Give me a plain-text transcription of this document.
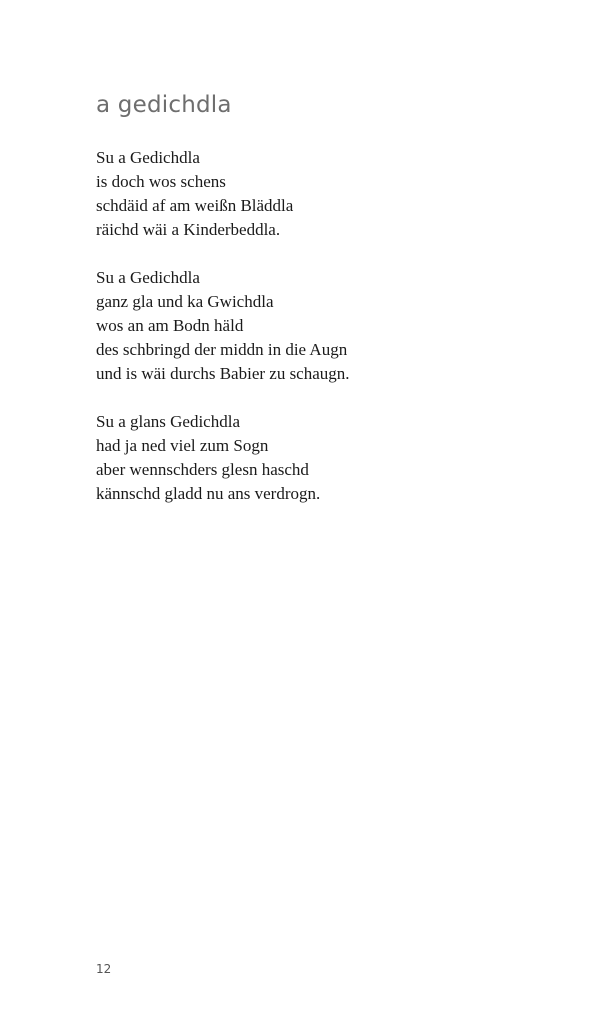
a gedichdla

Su a Gedichdla
is doch wos schens
schdäid af am weißn Bläddla
räichd wäi a Kinderbeddla.

Su a Gedichdla
ganz gla und ka Gwichdla
wos an am Bodn häld
des schbringd der middn in die Augn
und is wäi durchs Babier zu schaugn.

Su a glans Gedichdla
had ja ned viel zum Sogn
aber wennschders glesn haschd
kännschd gladd nu ans verdrogn.

12
